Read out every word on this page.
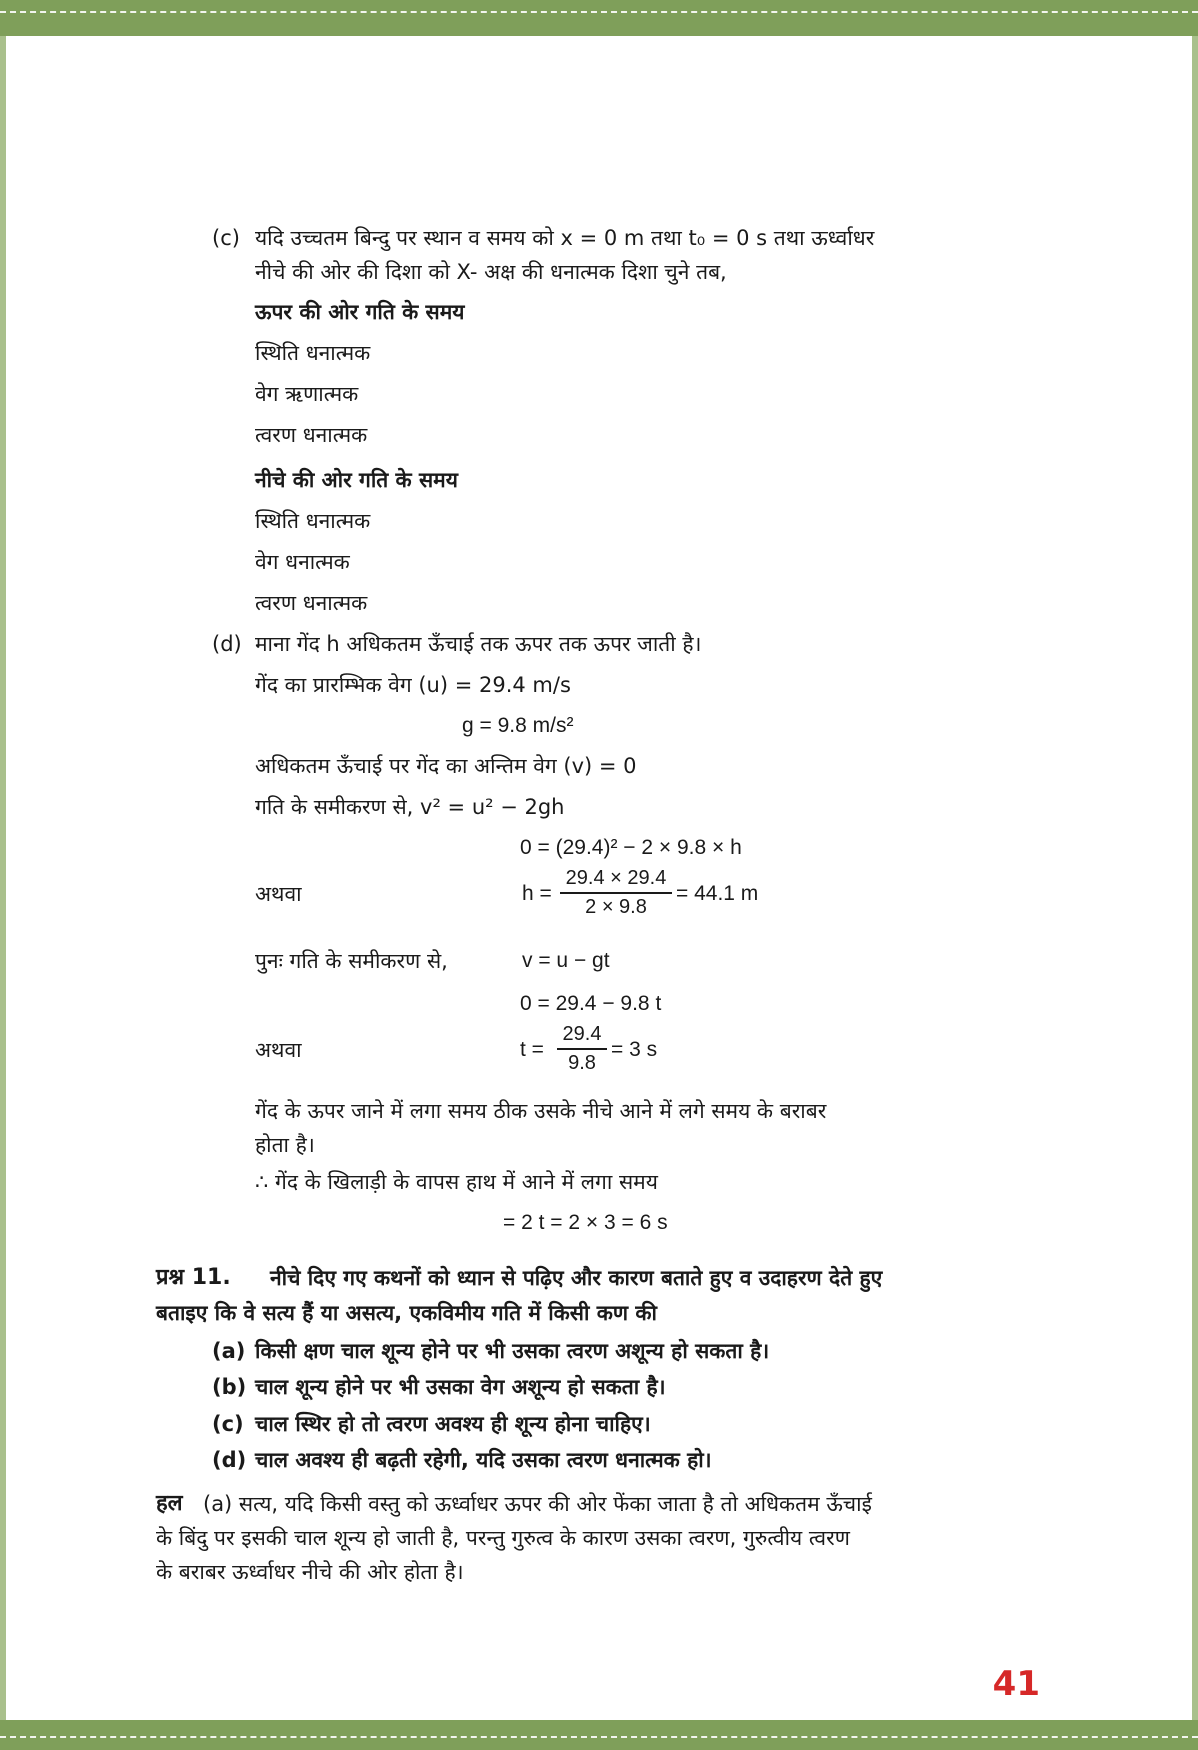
(c) यदि उच्चतम बिन्दु पर स्थान व समय को x = 0 m तथा t₀ = 0 s तथा ऊर्ध्वाधर
नीचे की ओर की दिशा को X- अक्ष की धनात्मक दिशा चुने तब,
ऊपर की ओर गति के समय
स्थिति धनात्मक
वेग ऋणात्मक
त्वरण धनात्मक
नीचे की ओर गति के समय
स्थिति धनात्मक
वेग धनात्मक
त्वरण धनात्मक
(d) माना गेंद h अधिकतम ऊँचाई तक ऊपर तक ऊपर जाती है।
गेंद का प्रारम्भिक वेग (u) = 29.4 m/s
g = 9.8 m/s²
अधिकतम ऊँचाई पर गेंद का अन्तिम वेग (v) = 0
गति के समीकरण से, v² = u² − 2gh
0 = (29.4)² − 2 × 9.8 × h
अथवा	$h = \frac{29.4 \times 29.4}{2 \times 9.8} = 44.1$ m
पुनः गति के समीकरण से,	v = u − gt
0 = 29.4 − 9.8 t
अथवा	$t = \frac{29.4}{9.8} = 3$ s
गेंद के ऊपर जाने में लगा समय ठीक उसके नीचे आने में लगे समय के बराबर
होता है।
∴ गेंद के खिलाड़ी के वापस हाथ में आने में लगा समय
= 2 t = 2 × 3 = 6 s
प्रश्न 11. नीचे दिए गए कथनों को ध्यान से पढ़िए और कारण बताते हुए व उदाहरण देते हुए
बताइए कि वे सत्य हैं या असत्य, एकविमीय गति में किसी कण की
(a) किसी क्षण चाल शून्य होने पर भी उसका त्वरण अशून्य हो सकता है।
(b) चाल शून्य होने पर भी उसका वेग अशून्य हो सकता है।
(c) चाल स्थिर हो तो त्वरण अवश्य ही शून्य होना चाहिए।
(d) चाल अवश्य ही बढ़ती रहेगी, यदि उसका त्वरण धनात्मक हो।
हल (a) सत्य, यदि किसी वस्तु को ऊर्ध्वाधर ऊपर की ओर फेंका जाता है तो अधिकतम ऊँचाई
के बिंदु पर इसकी चाल शून्य हो जाती है, परन्तु गुरुत्व के कारण उसका त्वरण, गुरुत्वीय त्वरण
के बराबर ऊर्ध्वाधर नीचे की ओर होता है।
41
